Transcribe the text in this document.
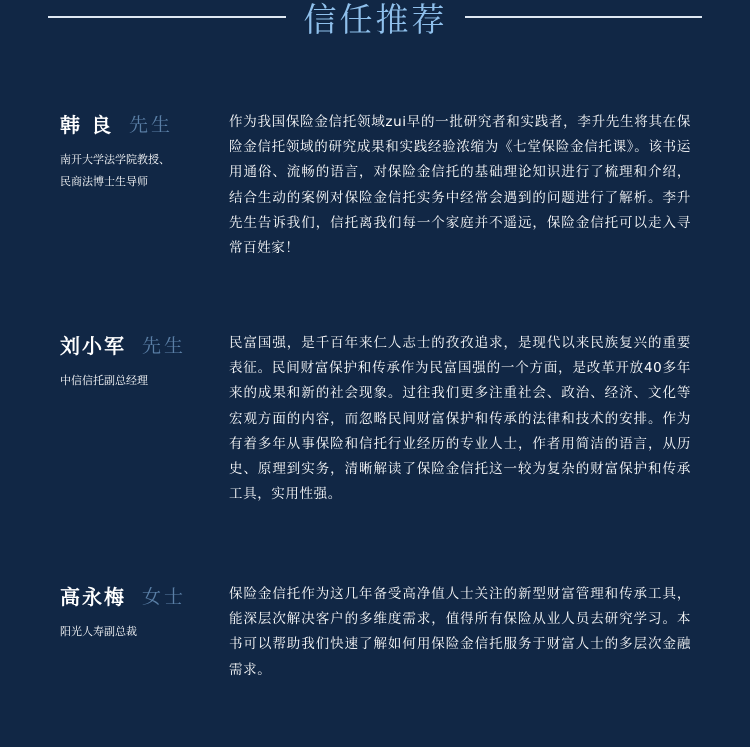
信任推荐
韩 良 先生
南开大学法学院教授、
民商法博士生导师
作为我国保险金信托领域zui早的一批研究者和实践者，李升先生将其在保险金信托领域的研究成果和实践经验浓缩为《七堂保险金信托课》。该书运用通俗、流畅的语言，对保险金信托的基础理论知识进行了梳理和介绍，结合生动的案例对保险金信托实务中经常会遇到的问题进行了解析。李升先生告诉我们，信托离我们每一个家庭并不遥远，保险金信托可以走入寻常百姓家！
刘小军 先生
中信信托副总经理
民富国强，是千百年来仁人志士的孜孜追求，是现代以来民族复兴的重要表征。民间财富保护和传承作为民富国强的一个方面，是改革开放40多年来的成果和新的社会现象。过往我们更多注重社会、政治、经济、文化等宏观方面的内容，而忽略民间财富保护和传承的法律和技术的安排。作为有着多年从事保险和信托行业经历的专业人士，作者用简洁的语言，从历史、原理到实务，清晰解读了保险金信托这一较为复杂的财富保护和传承工具，实用性强。
高永梅 女士
阳光人寿副总裁
保险金信托作为这几年备受高净值人士关注的新型财富管理和传承工具，能深层次解决客户的多维度需求，值得所有保险从业人员去研究学习。本书可以帮助我们快速了解如何用保险金信托服务于财富人士的多层次金融需求。
